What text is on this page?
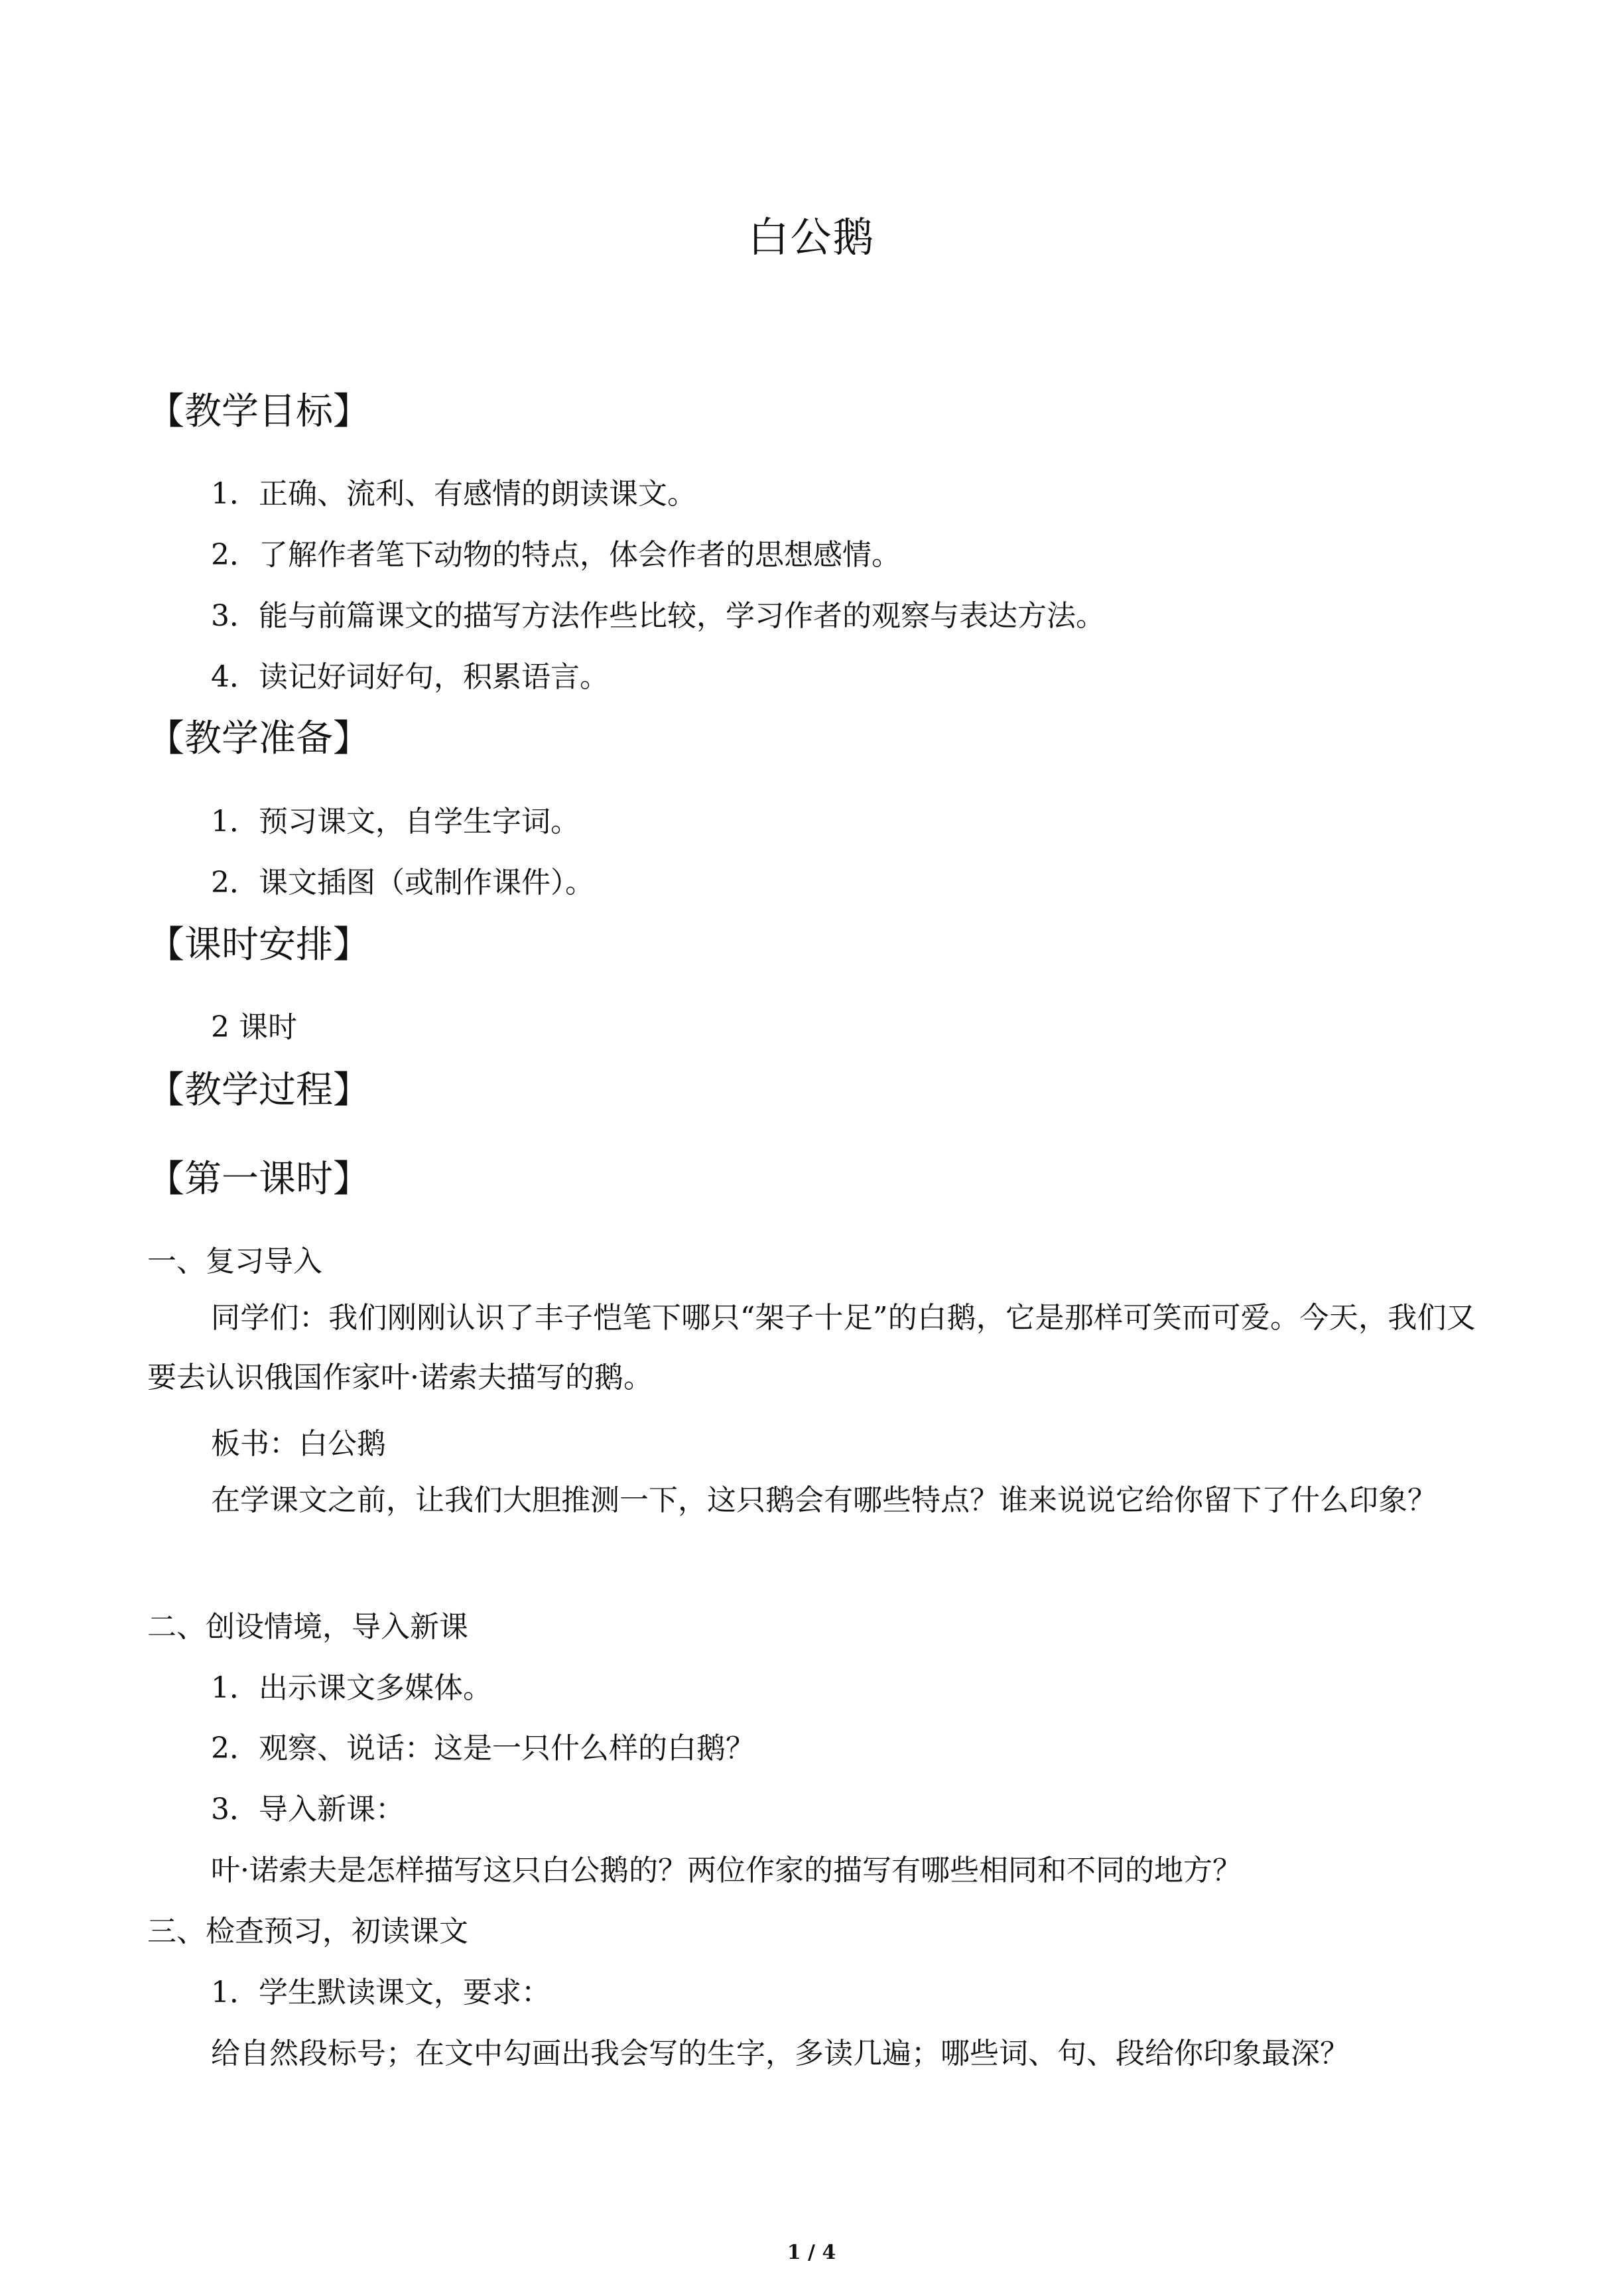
白公鹅
【教学目标】
1．正确、流利、有感情的朗读课文。
2．了解作者笔下动物的特点，体会作者的思想感情。
3．能与前篇课文的描写方法作些比较，学习作者的观察与表达方法。
4．读记好词好句，积累语言。
【教学准备】
1．预习课文，自学生字词。
2．课文插图（或制作课件）。
【课时安排】
2 课时
【教学过程】
【第一课时】
一、复习导入
同学们：我们刚刚认识了丰子恺笔下哪只“架子十足”的白鹅，它是那样可笑而可爱。今天，我们又要去认识俄国作家叶·诺索夫描写的鹅。
板书：白公鹅
在学课文之前，让我们大胆推测一下，这只鹅会有哪些特点？谁来说说它给你留下了什么印象？
二、创设情境，导入新课
1．出示课文多媒体。
2．观察、说话：这是一只什么样的白鹅？
3．导入新课：
叶·诺索夫是怎样描写这只白公鹅的？两位作家的描写有哪些相同和不同的地方？
三、检查预习，初读课文
1．学生默读课文，要求：
给自然段标号；在文中勾画出我会写的生字，多读几遍；哪些词、句、段给你印象最深？
1 / 4
